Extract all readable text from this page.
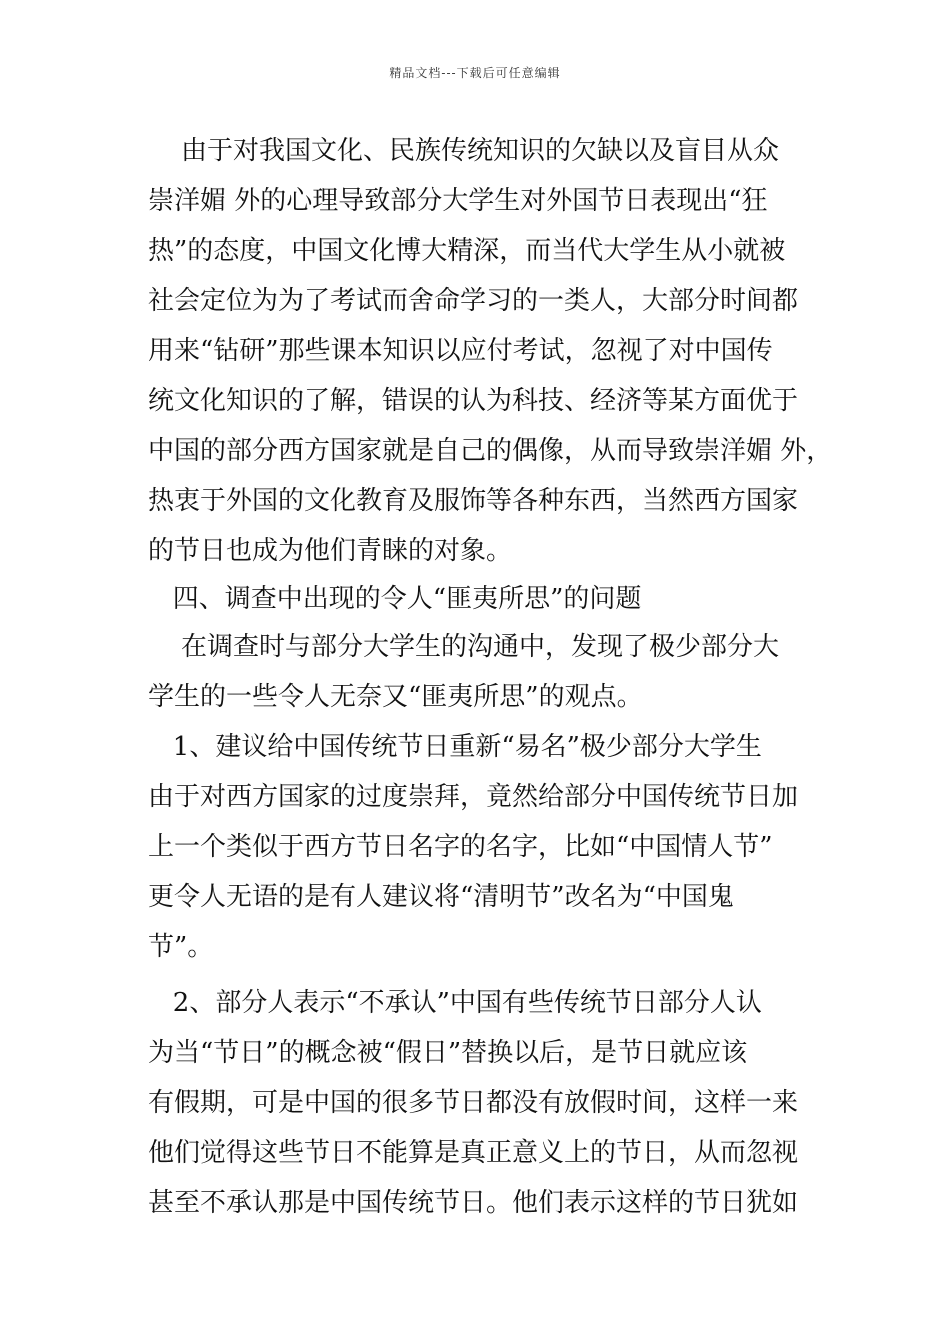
精品文档---下载后可任意编辑
由于对我国文化、民族传统知识的欠缺以及盲目从众
崇洋媚 外的心理导致部分大学生对外国节日表现出“狂
热”的态度，中国文化博大精深，而当代大学生从小就被
社会定位为为了考试而舍命学习的一类人，大部分时间都
用来“钻研”那些课本知识以应付考试，忽视了对中国传
统文化知识的了解，错误的认为科技、经济等某方面优于
中国的部分西方国家就是自己的偶像，从而导致崇洋媚 外，
热衷于外国的文化教育及服饰等各种东西，当然西方国家
的节日也成为他们青睐的对象。
四、调查中出现的令人“匪夷所思”的问题
在调查时与部分大学生的沟通中，发现了极少部分大
学生的一些令人无奈又“匪夷所思”的观点。
1、建议给中国传统节日重新“易名”极少部分大学生
由于对西方国家的过度崇拜，竟然给部分中国传统节日加
上一个类似于西方节日名字的名字，比如“中国情人节”
更令人无语的是有人建议将“清明节”改名为“中国鬼
节”。
2、部分人表示“不承认”中国有些传统节日部分人认
为当“节日”的概念被“假日”替换以后，是节日就应该
有假期，可是中国的很多节日都没有放假时间，这样一来
他们觉得这些节日不能算是真正意义上的节日，从而忽视
甚至不承认那是中国传统节日。他们表示这样的节日犹如
